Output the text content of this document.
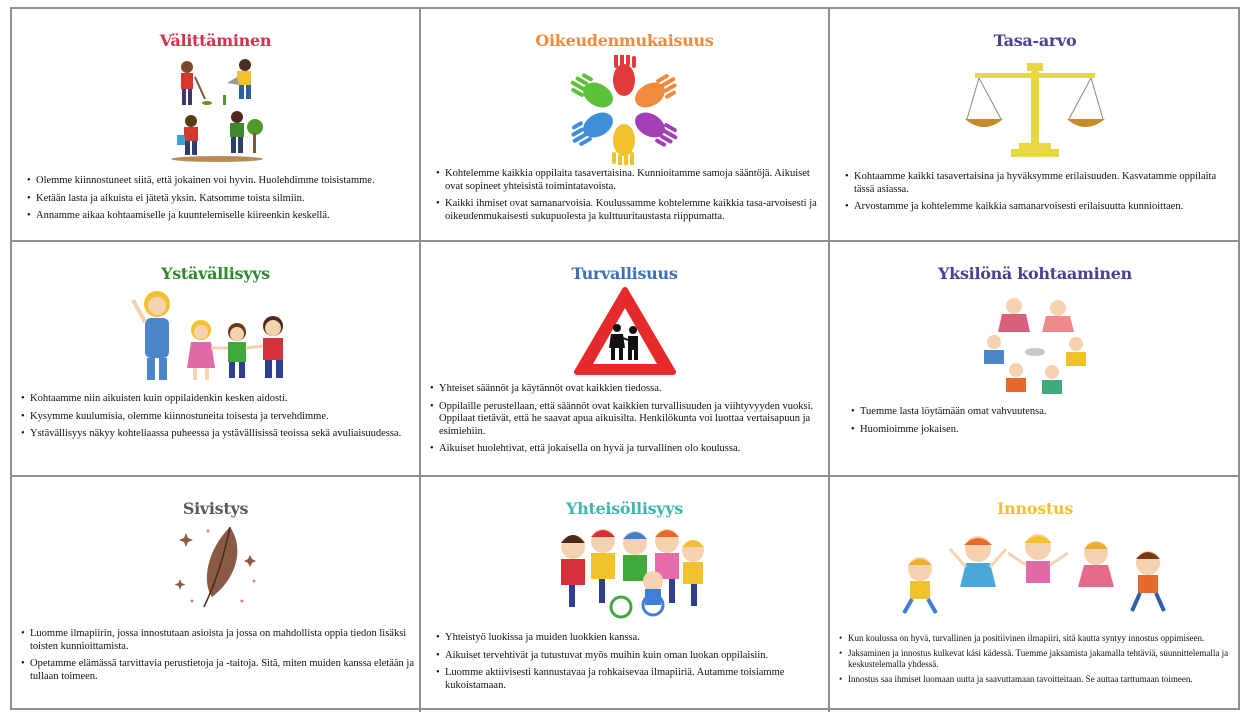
Välittäminen
• Olemme kiinnostuneet siitä, että jokainen voi hyvin. Huolehdimme toisistamme.
• Ketään lasta ja aikuista ei jätetä yksin. Katsomme toista silmiin.
• Annamme aikaa kohtaamiselle ja kuuntelemiselle kiireenkin keskellä.
Oikeudenmukaisuus
• Kohtelemme kaikkia oppilaita tasavertaisina. Kunnioitamme samoja sääntöjä. Aikuiset ovat sopineet yhteisistä toimintatavoista.
• Kaikki ihmiset ovat samanarvoisia. Koulussamme kohtelemme kaikkia tasa-arvoisesti ja oikeudenmukaisesti sukupuolesta ja kulttuuritaustasta riippumatta.
Tasa-arvo
• Kohtaamme kaikki tasavertaisina ja hyväksymme erilaisuuden. Kasvatamme oppilaita tässä asiassa.
• Arvostamme ja kohtelemme kaikkia samanarvoisesti erilaisuutta kunnioittaen.
Ystävällisyys
• Kohtaamme niin aikuisten kuin oppilaidenkin kesken aidosti.
• Kysymme kuulumisia, olemme kiinnostuneita toisesta ja tervehdimme.
• Ystävällisyys näkyy kohteliaassa puheessa ja ystävällisissä teoissa sekä avuliaisuudessa.
Turvallisuus
• Yhteiset säännöt ja käytännöt ovat kaikkien tiedossa.
• Oppilaille perustellaan, että säännöt ovat kaikkien turvallisuuden ja viihtyvyyden vuoksi. Oppilaat tietävät, että he saavat apua aikuisilta. Henkilökunta voi luottaa vertaisapuun ja esimiehiin.
• Aikuiset huolehtivat, että jokaisella on hyvä ja turvallinen olo koulussa.
Yksilönä kohtaaminen
• Tuemme lasta löytämään omat vahvuutensa.
• Huomioimme jokaisen.
Sivistys
• Luomme ilmapiirin, jossa innostutaan asioista ja jossa on mahdollista oppia tiedon lisäksi toisten kunnioittamista.
• Opetamme elämässä tarvittavia perustietoja ja -taitoja. Sitä, miten muiden kanssa eletään ja tullaan toimeen.
Yhteisöllisyys
• Yhteistyö luokissa ja muiden luokkien kanssa.
• Aikuiset tervehtivät ja tutustuvat myös muihin kuin oman luokan oppilaisiin.
• Luomme aktiivisesti kannustavaa ja rohkaisevaa ilmapiiriä. Autamme toisiamme kukoistamaan.
Innostus
• Kun koulussa on hyvä, turvallinen ja positiivinen ilmapiiri, sitä kautta syntyy innostus oppimiseen.
• Jaksaminen ja innostus kulkevat käsi kädessä. Tuemme jaksamista jakamalla tehtäviä, suunnittelemalla ja keskustelemalla yhdessä.
• Innostus saa ihmiset luomaan uutta ja saavuttamaan tavoitteitaan. Se auttaa tarttumaan toimeen.
